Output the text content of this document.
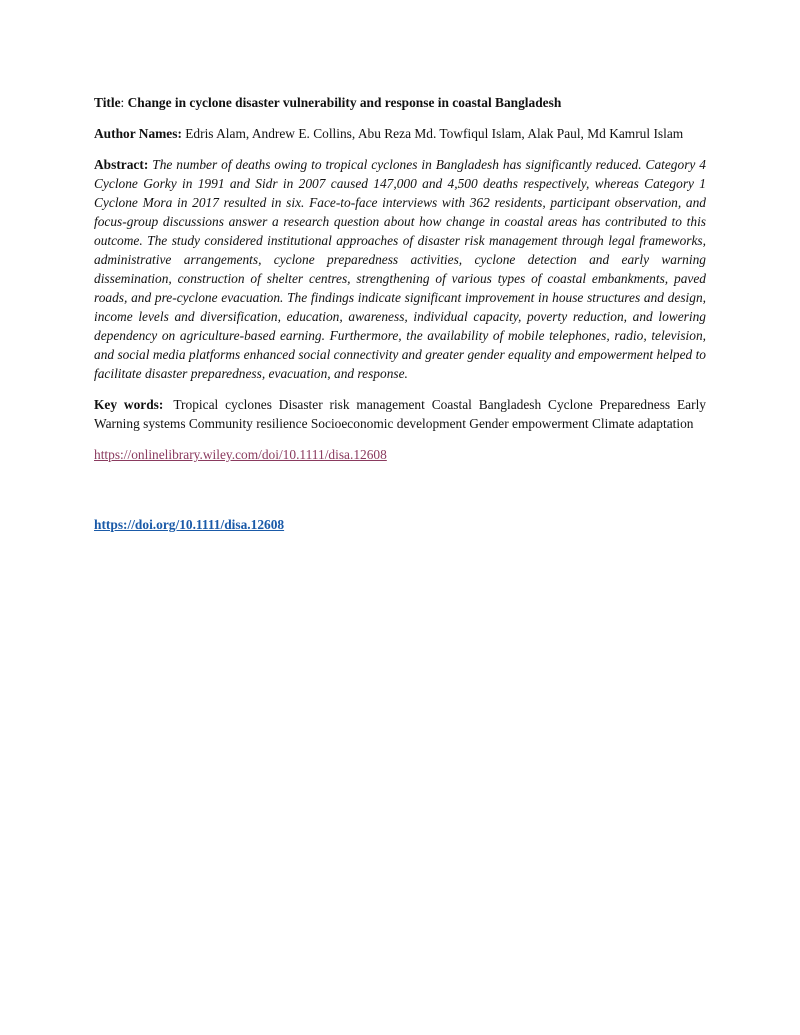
Title: Change in cyclone disaster vulnerability and response in coastal Bangladesh

Author Names: Edris Alam, Andrew E. Collins, Abu Reza Md. Towfiqul Islam, Alak Paul, Md Kamrul Islam

Abstract: The number of deaths owing to tropical cyclones in Bangladesh has significantly reduced. Category 4 Cyclone Gorky in 1991 and Sidr in 2007 caused 147,000 and 4,500 deaths respectively, whereas Category 1 Cyclone Mora in 2017 resulted in six. Face-to-face interviews with 362 residents, participant observation, and focus-group discussions answer a research question about how change in coastal areas has contributed to this outcome. The study considered institutional approaches of disaster risk management through legal frameworks, administrative arrangements, cyclone preparedness activities, cyclone detection and early warning dissemination, construction of shelter centres, strengthening of various types of coastal embankments, paved roads, and pre-cyclone evacuation. The findings indicate significant improvement in house structures and design, income levels and diversification, education, awareness, individual capacity, poverty reduction, and lowering dependency on agriculture-based earning. Furthermore, the availability of mobile telephones, radio, television, and social media platforms enhanced social connectivity and greater gender equality and empowerment helped to facilitate disaster preparedness, evacuation, and response.

Key words: Tropical cyclones Disaster risk management Coastal Bangladesh Cyclone Preparedness Early Warning systems Community resilience Socioeconomic development Gender empowerment Climate adaptation

https://onlinelibrary.wiley.com/doi/10.1111/disa.12608
https://doi.org/10.1111/disa.12608
